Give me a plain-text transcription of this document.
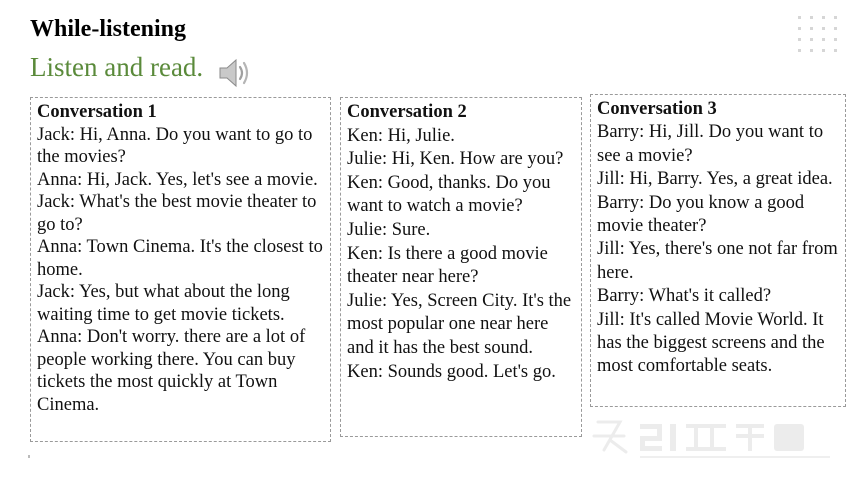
While-listening
Listen and read.
Conversation 1

Jack: Hi, Anna. Do you want to go to the movies?

Anna: Hi, Jack. Yes, let's see a movie.

Jack: What's the best movie theater to go to?

Anna: Town Cinema. It's the closest to home.

Jack: Yes, but what about the long waiting time to get movie tickets.

Anna: Don't worry. there are a lot of people working there. You can buy tickets the most quickly at Town Cinema.

Conversation 2

Ken: Hi, Julie.

Julie: Hi, Ken. How are you?

Ken: Good, thanks. Do you want to watch a movie?

Julie: Sure.

Ken: Is there a good movie theater near here?

Julie: Yes, Screen City. It's the most popular one near here and it has the best sound.

Ken: Sounds good. Let's go.

Conversation 3

Barry: Hi, Jill. Do you want to see a movie?

Jill: Hi, Barry. Yes, a great idea.

Barry: Do you know a good movie theater?

Jill: Yes, there's one not far from here.

Barry: What's it called?

Jill: It's called Movie World. It has the biggest screens and the most comfortable seats.
